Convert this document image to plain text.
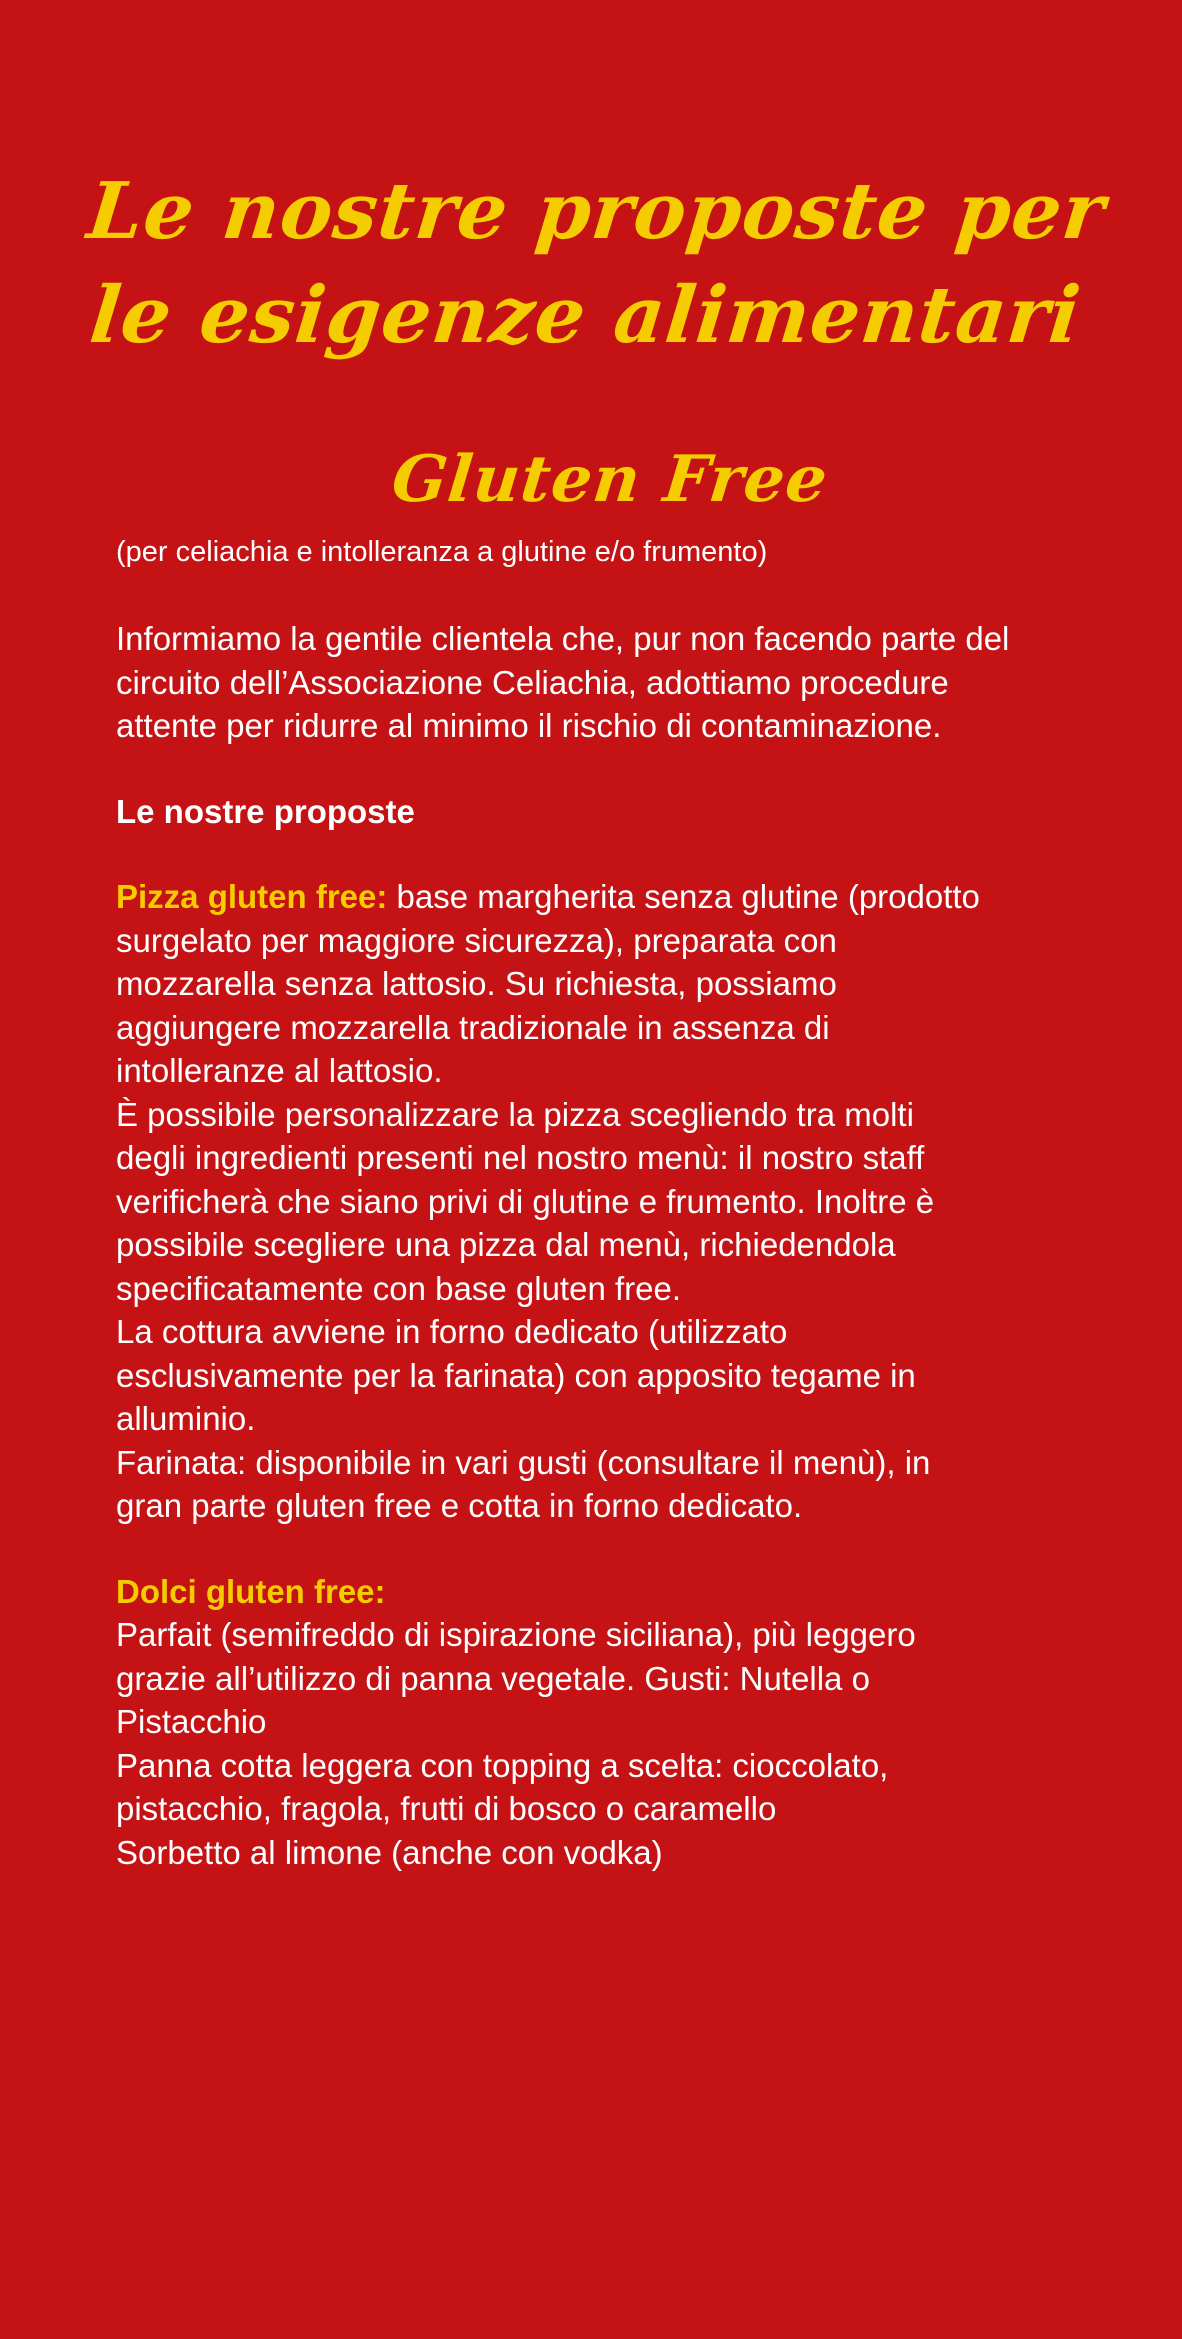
Le nostre proposte per
le esigenze alimentari
Gluten Free

(per celiachia e intolleranza a glutine e/o frumento)

Informiamo la gentile clientela che, pur non facendo parte del
circuito dell’Associazione Celiachia, adottiamo procedure
attente per ridurre al minimo il rischio di contaminazione.

Le nostre proposte

Pizza gluten free: base margherita senza glutine (prodotto
surgelato per maggiore sicurezza), preparata con
mozzarella senza lattosio. Su richiesta, possiamo
aggiungere mozzarella tradizionale in assenza di
intolleranze al lattosio.
È possibile personalizzare la pizza scegliendo tra molti
degli ingredienti presenti nel nostro menù: il nostro staff
verificherà che siano privi di glutine e frumento. Inoltre è
possibile scegliere una pizza dal menù, richiedendola
specificatamente con base gluten free.
La cottura avviene in forno dedicato (utilizzato
esclusivamente per la farinata) con apposito tegame in
alluminio.
Farinata: disponibile in vari gusti (consultare il menù), in
gran parte gluten free e cotta in forno dedicato.

Dolci gluten free:
Parfait (semifreddo di ispirazione siciliana), più leggero
grazie all’utilizzo di panna vegetale. Gusti: Nutella o
Pistacchio
Panna cotta leggera con topping a scelta: cioccolato,
pistacchio, fragola, frutti di bosco o caramello
Sorbetto al limone (anche con vodka)
